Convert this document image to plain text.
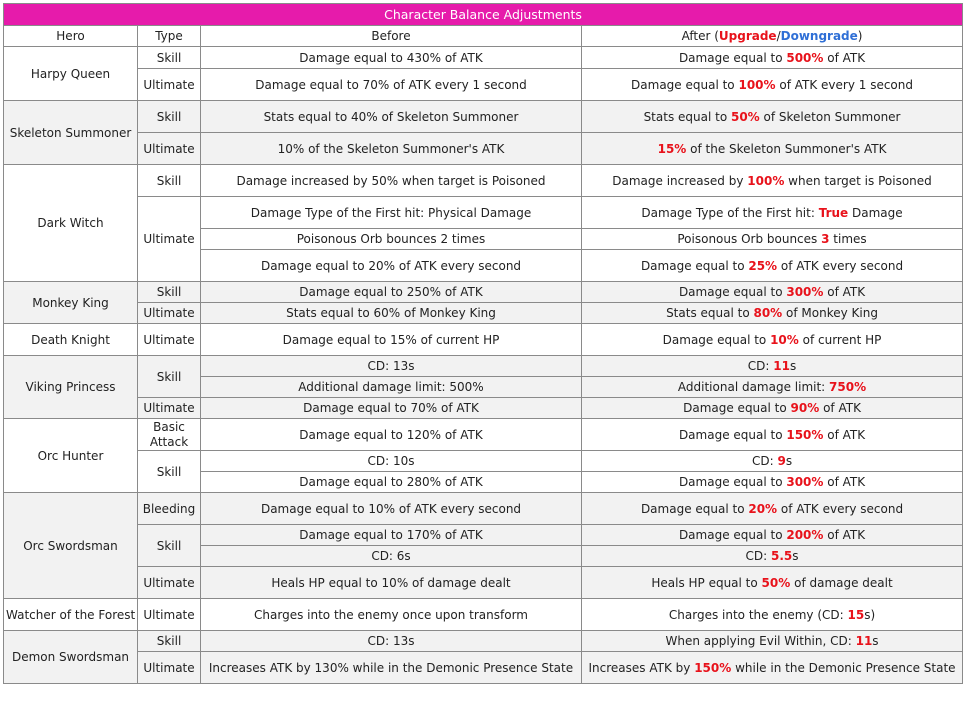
Character Balance Adjustments			
Hero	Type	Before	After (Upgrade/Downgrade)
Harpy Queen	Skill	Damage equal to 430% of ATK	Damage equal to 500% of ATK
	Ultimate	Damage equal to 70% of ATK every 1 second	Damage equal to 100% of ATK every 1 second
Skeleton Summoner	Skill	Stats equal to 40% of Skeleton Summoner	Stats equal to 50% of Skeleton Summoner
	Ultimate	10% of the Skeleton Summoner's ATK	15% of the Skeleton Summoner's ATK
Dark Witch	Skill	Damage increased by 50% when target is Poisoned	Damage increased by 100% when target is Poisoned
	Ultimate	Damage Type of the First hit: Physical Damage	Damage Type of the First hit: True Damage
		Poisonous Orb bounces 2 times	Poisonous Orb bounces 3 times
		Damage equal to 20% of ATK every second	Damage equal to 25% of ATK every second
Monkey King	Skill	Damage equal to 250% of ATK	Damage equal to 300% of ATK
	Ultimate	Stats equal to 60% of Monkey King	Stats equal to 80% of Monkey King
Death Knight	Ultimate	Damage equal to 15% of current HP	Damage equal to 10% of current HP
Viking Princess	Skill	CD: 13s	CD: 11s
		Additional damage limit: 500%	Additional damage limit: 750%
	Ultimate	Damage equal to 70% of ATK	Damage equal to 90% of ATK
Orc Hunter	Basic Attack	Damage equal to 120% of ATK	Damage equal to 150% of ATK
	Skill	CD: 10s	CD: 9s
		Damage equal to 280% of ATK	Damage equal to 300% of ATK
Orc Swordsman	Bleeding	Damage equal to 10% of ATK every second	Damage equal to 20% of ATK every second
	Skill	Damage equal to 170% of ATK	Damage equal to 200% of ATK
		CD: 6s	CD: 5.5s
	Ultimate	Heals HP equal to 10% of damage dealt	Heals HP equal to 50% of damage dealt
Watcher of the Forest	Ultimate	Charges into the enemy once upon transform	Charges into the enemy (CD: 15s)
Demon Swordsman	Skill	CD: 13s	When applying Evil Within, CD: 11s
	Ultimate	Increases ATK by 130% while in the Demonic Presence State	Increases ATK by 150% while in the Demonic Presence State
